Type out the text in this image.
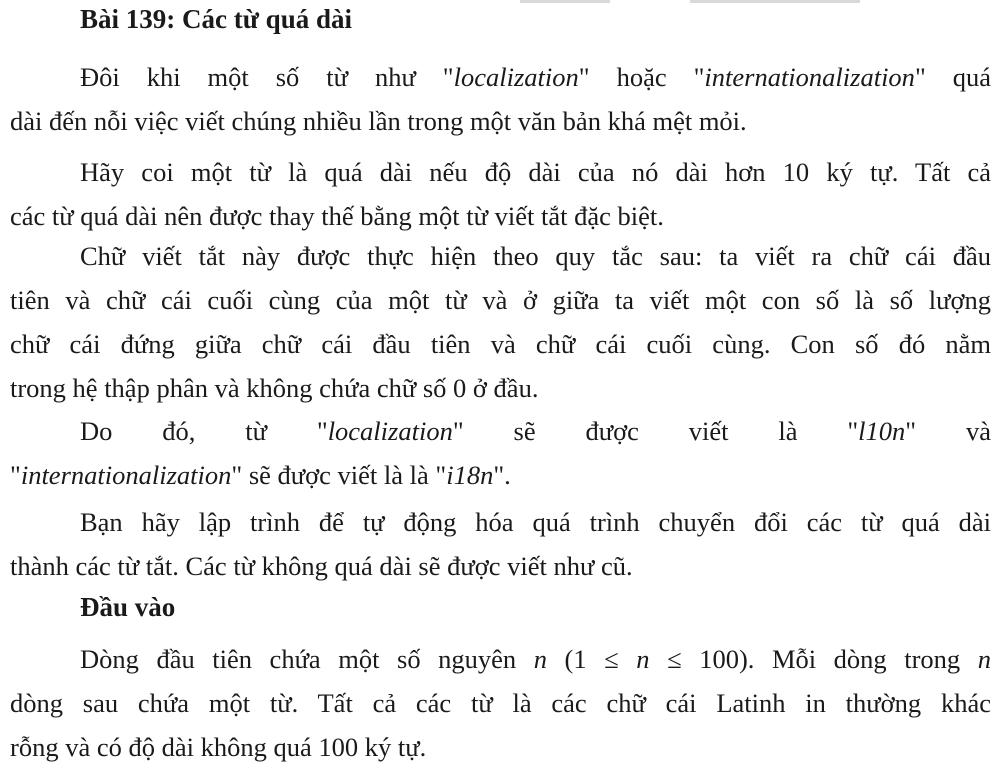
Bài 139: Các từ quá dài
Đôi khi một số từ như "localization" hoặc "internationalization" quá
dài đến nỗi việc viết chúng nhiều lần trong một văn bản khá mệt mỏi.
Hãy coi một từ là quá dài nếu độ dài của nó dài hơn 10 ký tự. Tất cả
các từ quá dài nên được thay thế bằng một từ viết tắt đặc biệt.
Chữ viết tắt này được thực hiện theo quy tắc sau: ta viết ra chữ cái đầu
tiên và chữ cái cuối cùng của một từ và ở giữa ta viết một con số là số lượng
chữ cái đứng giữa chữ cái đầu tiên và chữ cái cuối cùng. Con số đó nằm
trong hệ thập phân và không chứa chữ số 0 ở đầu.
Do đó, từ "localization" sẽ được viết là "l10n" và
"internationalization" sẽ được viết là là "i18n".
Bạn hãy lập trình để tự động hóa quá trình chuyển đổi các từ quá dài
thành các từ tắt. Các từ không quá dài sẽ được viết như cũ.
Đầu vào
Dòng đầu tiên chứa một số nguyên n (1 ≤ n ≤ 100). Mỗi dòng trong n
dòng sau chứa một từ. Tất cả các từ là các chữ cái Latinh in thường khác
rỗng và có độ dài không quá 100 ký tự.
